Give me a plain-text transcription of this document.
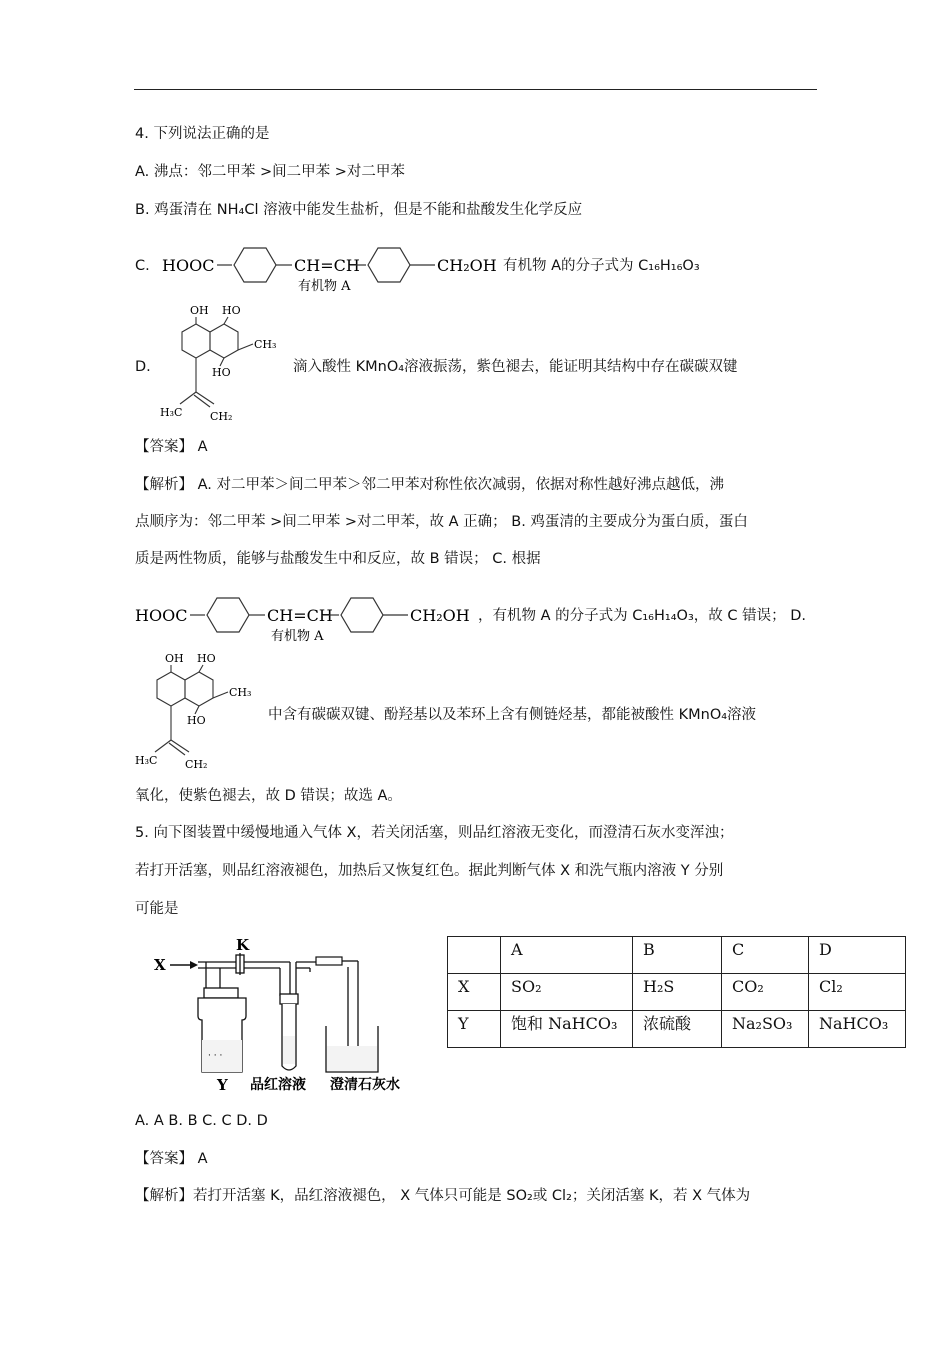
4. 下列说法正确的是
A. 沸点：邻二甲苯 >间二甲苯 >对二甲苯
B. 鸡蛋清在 NH₄Cl 溶液中能发生盐析，但是不能和盐酸发生化学反应
C. HOOC	CH=CH	CH₂OH
有机物 A
有机物 A的分子式为 C₁₆H₁₆O₃
D.
OH HO
CH₃
HO
H₃C	CH₂
滴入酸性 KMnO₄溶液振荡，紫色褪去，能证明其结构中存在碳碳双键
【答案】 A
【解析】 A. 对二甲苯＞间二甲苯＞邻二甲苯对称性依次减弱，依据对称性越好沸点越低，沸
点顺序为：邻二甲苯 >间二甲苯 >对二甲苯，故 A 正确； B. 鸡蛋清的主要成分为蛋白质，蛋白
质是两性物质，能够与盐酸发生中和反应，故 B 错误； C. 根据
HOOC	CH=CH	CH₂OH
有机物 A
，有机物 A 的分子式为 C₁₆H₁₄O₃，故 C 错误； D.
OH HO
CH₃
HO
H₃C	CH₂
中含有碳碳双键、酚羟基以及苯环上含有侧链烃基，都能被酸性 KMnO₄溶液
氧化，使紫色褪去，故 D 错误；故选 A。
5. 向下图装置中缓慢地通入气体 X，若关闭活塞，则品红溶液无变化，而澄清石灰水变浑浊；
若打开活塞，则品红溶液褪色，加热后又恢复红色。据此判断气体 X 和洗气瓶内溶液 Y 分别
可能是
X
K
· · ·
Y 品红溶液 澄清石灰水
	A	B	C	D
X	SO₂	H₂S	CO₂	Cl₂
Y	饱和 NaHCO₃	浓硫酸	Na₂SO₃	NaHCO₃
A. A B. B C. C D. D
【答案】 A
【解析】若打开活塞 K，品红溶液褪色， X 气体只可能是 SO₂或 Cl₂；关闭活塞 K，若 X 气体为
